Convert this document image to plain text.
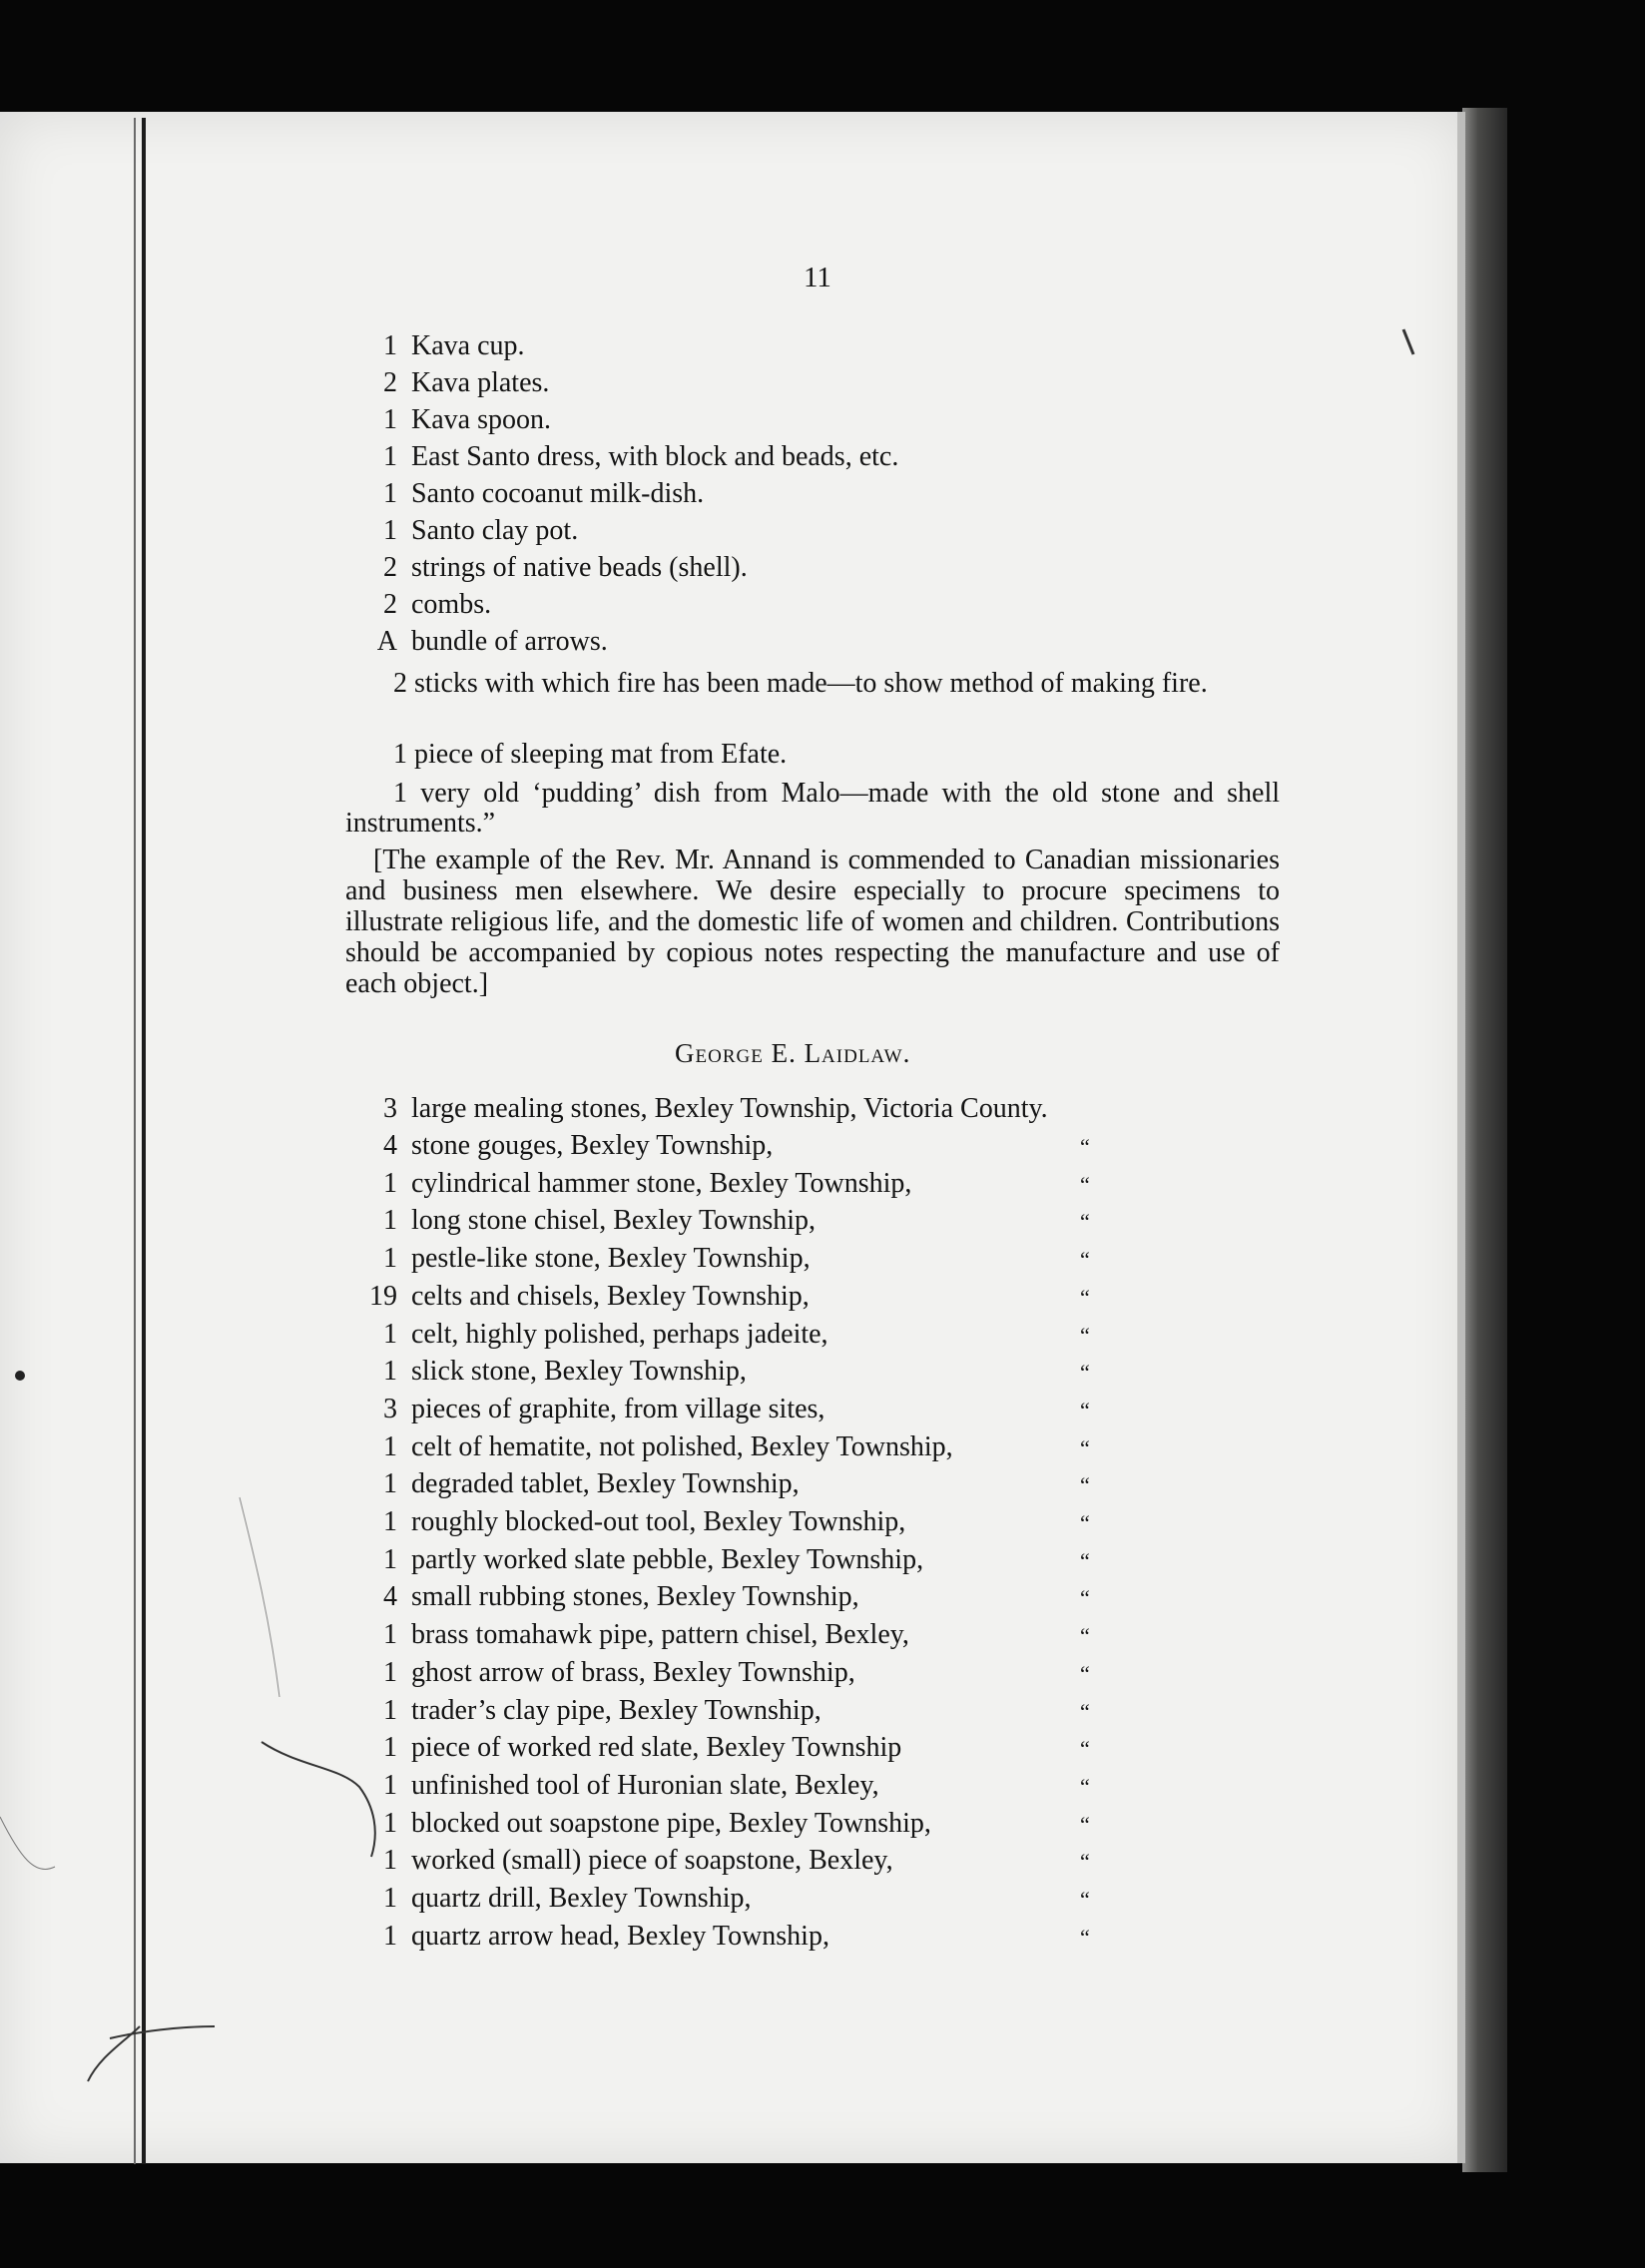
11
1 Kava cup.
2 Kava plates.
1 Kava spoon.
1 East Santo dress, with block and beads, etc.
1 Santo cocoanut milk-dish.
1 Santo clay pot.
2 strings of native beads (shell).
2 combs.
A bundle of arrows.
2 sticks with which fire has been made—to show method of making fire.
1 piece of sleeping mat from Efate.
1 very old ‘pudding’ dish from Malo—made with the old stone and shell instruments.”
[The example of the Rev. Mr. Annand is commended to Canadian missionaries and business men elsewhere. We desire especially to procure specimens to illustrate religious life, and the domestic life of women and children. Contributions should be accompanied by copious notes respecting the manufacture and use of each object.]
George E. Laidlaw.
3 large mealing stones, Bexley Township, Victoria County.
4 stone gouges, Bexley Township,	“
1 cylindrical hammer stone, Bexley Township,	“
1 long stone chisel, Bexley Township,	“
1 pestle-like stone, Bexley Township,	“
19 celts and chisels, Bexley Township,	“
1 celt, highly polished, perhaps jadeite,	“
1 slick stone, Bexley Township,	“
3 pieces of graphite, from village sites,	“
1 celt of hematite, not polished, Bexley Township,	“
1 degraded tablet, Bexley Township,	“
1 roughly blocked-out tool, Bexley Township,	“
1 partly worked slate pebble, Bexley Township,	“
4 small rubbing stones, Bexley Township,	“
1 brass tomahawk pipe, pattern chisel, Bexley,	“
1 ghost arrow of brass, Bexley Township,	“
1 trader’s clay pipe, Bexley Township,	“
1 piece of worked red slate, Bexley Township	“
1 unfinished tool of Huronian slate, Bexley,	“
1 blocked out soapstone pipe, Bexley Township,	“
1 worked (small) piece of soapstone, Bexley,	“
1 quartz drill, Bexley Township,	“
1 quartz arrow head, Bexley Township,	“
